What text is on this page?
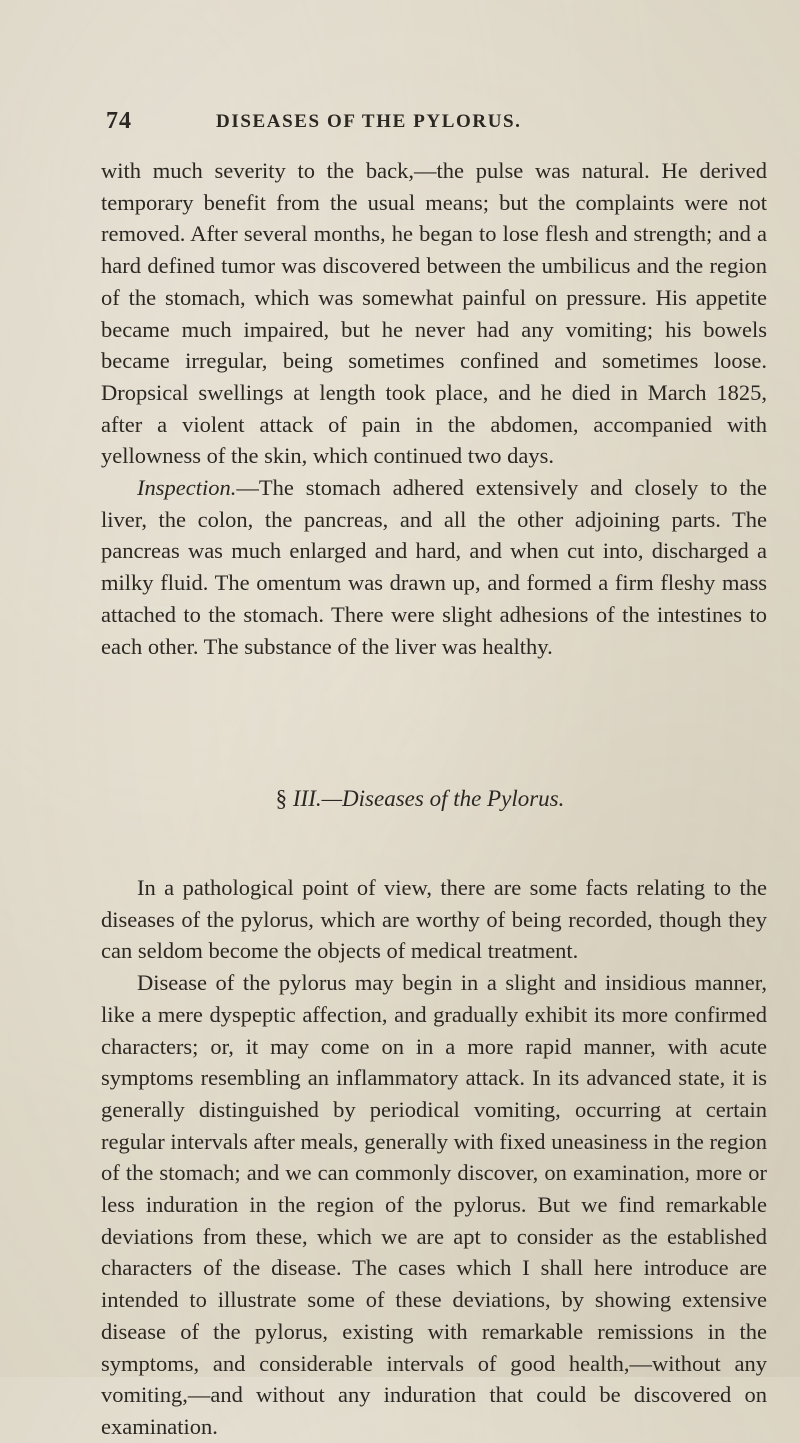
74	DISEASES OF THE PYLORUS.

with much severity to the back,—the pulse was natural. He derived temporary benefit from the usual means; but the complaints were not removed. After several months, he began to lose flesh and strength; and a hard defined tumor was discovered between the umbilicus and the region of the stomach, which was somewhat painful on pressure. His appetite became much impaired, but he never had any vomiting; his bowels became irregular, being sometimes confined and sometimes loose. Dropsical swellings at length took place, and he died in March 1825, after a violent attack of pain in the abdomen, accompanied with yellowness of the skin, which continued two days.

Inspection.—The stomach adhered extensively and closely to the liver, the colon, the pancreas, and all the other adjoining parts. The pancreas was much enlarged and hard, and when cut into, discharged a milky fluid. The omentum was drawn up, and formed a firm fleshy mass attached to the stomach. There were slight adhesions of the intestines to each other. The substance of the liver was healthy.

§ III.—Diseases of the Pylorus.

In a pathological point of view, there are some facts relating to the diseases of the pylorus, which are worthy of being recorded, though they can seldom become the objects of medical treatment.

Disease of the pylorus may begin in a slight and insidious manner, like a mere dyspeptic affection, and gradually exhibit its more confirmed characters; or, it may come on in a more rapid manner, with acute symptoms resembling an inflammatory attack. In its advanced state, it is generally distinguished by periodical vomiting, occurring at certain regular intervals after meals, generally with fixed uneasiness in the region of the stomach; and we can commonly discover, on examination, more or less induration in the region of the pylorus. But we find remarkable deviations from these, which we are apt to consider as the established characters of the disease. The cases which I shall here introduce are intended to illustrate some of these deviations, by showing extensive disease of the pylorus, existing with remarkable remissions in the symptoms, and considerable intervals of good health,—without any vomiting,—and without any induration that could be discovered on examination.
